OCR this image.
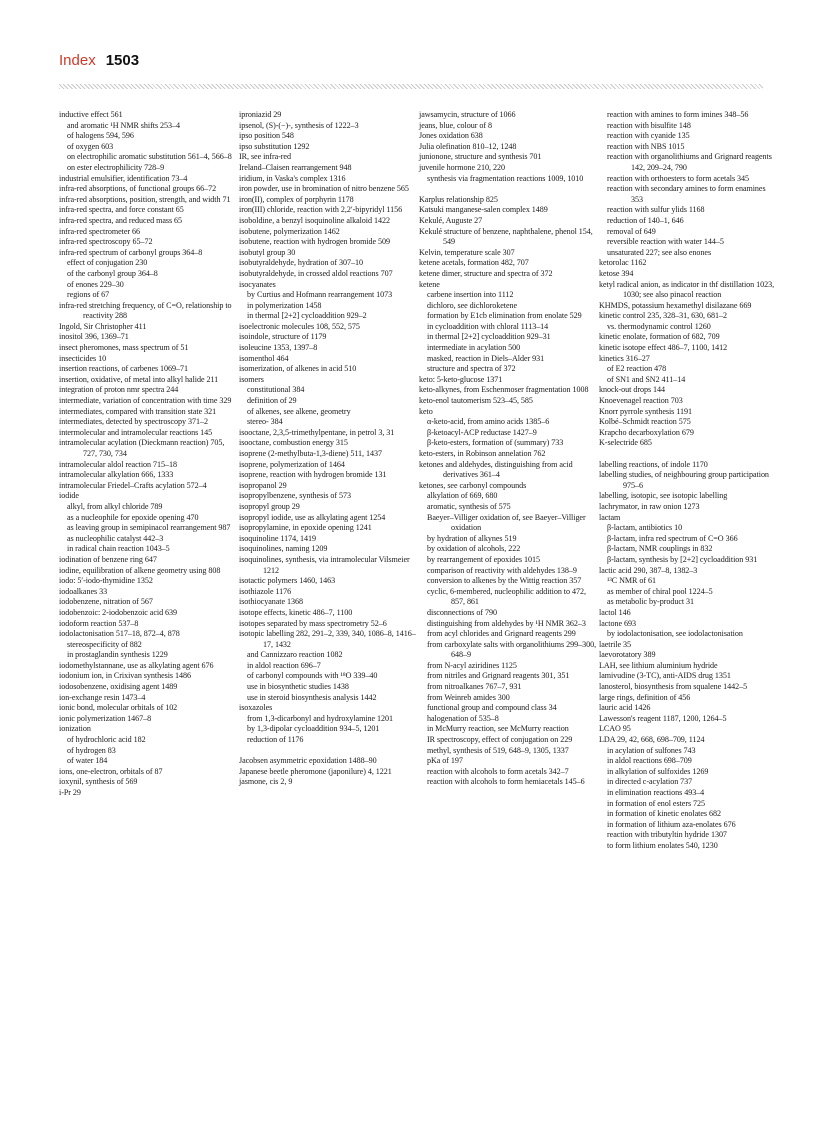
Index 1503
inductive effect 561
and aromatic ¹H NMR shifts 253–4
of halogens 594, 596
of oxygen 603
on electrophilic aromatic substitution 561–4, 566–8
on ester electrophilicity 728–9
industrial emulsifier, identification 73–4
infra-red absorptions, of functional groups 66–72
infra-red absorptions, position, strength, and width 71
infra-red spectra, and force constant 65
infra-red spectra, and reduced mass 65
infra-red spectrometer 66
infra-red spectroscopy 65–72
infra-red spectrum of carbonyl groups 364–8
effect of conjugation 230
of the carbonyl group 364–8
of enones 229–30
regions of 67
infra-red stretching frequency, of C=O, relationship to reactivity 288
Ingold, Sir Christopher 411
inositol 396, 1369–71
insect pheromones, mass spectrum of 51
insecticides 10
insertion reactions, of carbenes 1069–71
insertion, oxidative, of metal into alkyl halide 211
integration of proton nmr spectra 244
intermediate, variation of concentration with time 329
intermediates, compared with transition state 321
intermediates, detected by spectroscopy 371–2
intermolecular and intramolecular reactions 145
intramolecular acylation (Dieckmann reaction) 705, 727, 730, 734
intramolecular aldol reaction 715–18
intramolecular alkylation 666, 1333
intramolecular Friedel–Crafts acylation 572–4
iodide
alkyl, from alkyl chloride 789
as a nucleophile for epoxide opening 470
as leaving group in semipinacol rearrangement 987
as nucleophilic catalyst 442–3
in radical chain reaction 1043–5
iodination of benzene ring 647
iodine, equilibration of alkene geometry using 808
iodo: 5′-iodo-thymidine 1352
iodoalkanes 33
iodobenzene, nitration of 567
iodobenzoic: 2-iodobenzoic acid 639
iodoform reaction 537–8
iodolactonisation 517–18, 872–4, 878
stereospecificity of 882
in prostaglandin synthesis 1229
iodomethylstannane, use as alkylating agent 676
iodonium ion, in Crixivan synthesis 1486
iodosobenzene, oxidising agent 1489
ion-exchange resin 1473–4
ionic bond, molecular orbitals of 102
ionic polymerization 1467–8
ionization
of hydrochloric acid 182
of hydrogen 83
of water 184
ions, one-electron, orbitals of 87
ioxynil, synthesis of 569
i-Pr 29
iproniazid 29
ipsenol, (S)-(−)-, synthesis of 1222–3
ipso position 548
ipso substitution 1292
IR, see infra-red
Ireland–Claisen rearrangement 948
iridium, in Vaska's complex 1316
iron powder, use in bromination of nitro benzene 565
iron(II), complex of porphyrin 1178
iron(III) chloride, reaction with 2,2′-bipyridyl 1156
isoboldine, a benzyl isoquinoline alkaloid 1422
isobutene, polymerization 1462
isobutene, reaction with hydrogen bromide 509
isobutyl group 30
isobutyraldehyde, hydration of 307–10
isobutyraldehyde, in crossed aldol reactions 707
isocyanates
by Curtius and Hofmann rearrangement 1073
in polymerization 1458
in thermal [2+2] cycloaddition 929–2
isoelectronic molecules 108, 552, 575
isoindole, structure of 1179
isoleucine 1353, 1397–8
isomenthol 464
isomerization, of alkenes in acid 510
isomers
constitutional 384
definition of 29
of alkenes, see alkene, geometry
stereo- 384
isooctane, 2,3,5-trimethylpentane, in petrol 3, 31
isooctane, combustion energy 315
isoprene (2-methylbuta-1,3-diene) 511, 1437
isoprene, polymerization of 1464
isoprene, reaction with hydrogen bromide 131
isopropanol 29
isopropylbenzene, synthesis of 573
isopropyl group 29
isopropyl iodide, use as alkylating agent 1254
isopropylamine, in epoxide opening 1241
isoquinoline 1174, 1419
isoquinolines, naming 1209
isoquinolines, synthesis, via intramolecular Vilsmeier 1212
isotactic polymers 1460, 1463
isothiazole 1176
isothiocyanate 1368
isotope effects, kinetic 486–7, 1100
isotopes separated by mass spectrometry 52–6
isotopic labelling 282, 291–2, 339, 340, 1086–8, 1416–17, 1432
and Cannizzaro reaction 1082
in aldol reaction 696–7
of carbonyl compounds with ¹⁸O 339–40
use in biosynthetic studies 1438
use in steroid biosynthesis analysis 1442
isoxazoles
from 1,3-dicarbonyl and hydroxylamine 1201
by 1,3-dipolar cycloaddition 934–5, 1201
reduction of 1176
Jacobsen asymmetric epoxidation 1488–90
Japanese beetle pheromone (japonilure) 4, 1221
jasmone, cis 2, 9
jawsamycin, structure of 1066
jeans, blue, colour of 8
Jones oxidation 638
Julia olefination 810–12, 1248
junionone, structure and synthesis 701
juvenile hormone 210, 220
synthesis via fragmentation reactions 1009, 1010
Karplus relationship 825
Katsuki manganese-salen complex 1489
Kekulé, Auguste 27
Kekulé structure of benzene, naphthalene, phenol 154, 549
Kelvin, temperature scale 307
ketene acetals, formation 482, 707
ketene dimer, structure and spectra of 372
ketene
carbene insertion into 1112
dichloro, see dichloroketene
formation by E1cb elimination from enolate 529
in cycloaddition with chloral 1113–14
in thermal [2+2] cycloaddition 929–31
intermediate in acylation 500
masked, reaction in Diels–Alder 931
structure and spectra of 372
keto: 5-keto-glucose 1371
keto-alkynes, from Eschenmoser fragmentation 1008
keto-enol tautomerism 523–45, 585
keto
α-keto-acid, from amino acids 1385–6
β-ketoacyl-ACP reductase 1427–9
β-keto-esters, formation of (summary) 733
keto-esters, in Robinson annelation 762
ketones and aldehydes, distinguishing from acid derivatives 361–4
ketones, see carbonyl compounds
alkylation of 669, 680
aromatic, synthesis of 575
Baeyer–Villiger oxidation of, see Baeyer–Villiger oxidation
by hydration of alkynes 519
by oxidation of alcohols, 222
by rearrangement of epoxides 1015
comparison of reactivity with aldehydes 138–9
conversion to alkenes by the Wittig reaction 357
cyclic, 6-membered, nucleophilic addition to 472, 857, 861
disconnections of 790
distinguishing from aldehydes by ¹H NMR 362–3
from acyl chlorides and Grignard reagents 299
from carboxylate salts with organolithiums 299–300, 648–9
from N-acyl aziridines 1125
from nitriles and Grignard reagents 301, 351
from nitroalkanes 767–7, 931
from Weinreb amides 300
functional group and compound class 34
halogenation of 535–8
in McMurry reaction, see McMurry reaction
IR spectroscopy, effect of conjugation on 229
methyl, synthesis of 519, 648–9, 1305, 1337
pKa of 197
reaction with alcohols to form acetals 342–7
reaction with alcohols to form hemiacetals 145–6
reaction with amines to form imines 348–56
reaction with bisulfite 148
reaction with cyanide 135
reaction with NBS 1015
reaction with organolithiums and Grignard reagents 142, 209–24, 790
reaction with orthoesters to form acetals 345
reaction with secondary amines to form enamines 353
reaction with sulfur ylids 1168
reduction of 140–1, 646
removal of 649
reversible reaction with water 144–5
unsaturated 227; see also enones
ketorolac 1162
ketose 394
ketyl radical anion, as indicator in thf distillation 1023, 1030; see also pinacol reaction
KHMDS, potassium hexamethyl disilazane 669
kinetic control 235, 328–31, 630, 681–2
vs. thermodynamic control 1260
kinetic enolate, formation of 682, 709
kinetic isotope effect 486–7, 1100, 1412
kinetics 316–27
of E2 reaction 478
of SN1 and SN2 411–14
knock-out drops 144
Knoevenagel reaction 703
Knorr pyrrole synthesis 1191
Kolbé–Schmidt reaction 575
Krapcho decarboxylation 679
K-selectride 685
labelling reactions, of indole 1170
labelling studies, of neighbouring group participation 975–6
labelling, isotopic, see isotopic labelling
lachrymator, in raw onion 1273
lactam
β-lactam, antibiotics 10
β-lactam, infra red spectrum of C=O 366
β-lactam, NMR couplings in 832
β-lactam, synthesis by [2+2] cycloaddition 931
lactic acid 290, 387–8, 1382–3
¹³C NMR of 61
as member of chiral pool 1224–5
as metabolic by-product 31
lactol 146
lactone 693
by iodolactonisation, see iodolactonisation
laetrile 35
laevorotatory 389
LAH, see lithium aluminium hydride
lamivudine (3-TC), anti-AIDS drug 1351
lanosterol, biosynthesis from squalene 1442–5
large rings, definition of 456
lauric acid 1426
Lawesson's reagent 1187, 1200, 1264–5
LCAO 95
LDA 29, 42, 668, 698–709, 1124
in acylation of sulfones 743
in aldol reactions 698–709
in alkylation of sulfoxides 1269
in directed c-acylation 737
in elimination reactions 493–4
in formation of enol esters 725
in formation of kinetic enolates 682
in formation of lithium aza-enolates 676
reaction with tributyltin hydride 1307
to form lithium enolates 540, 1230
